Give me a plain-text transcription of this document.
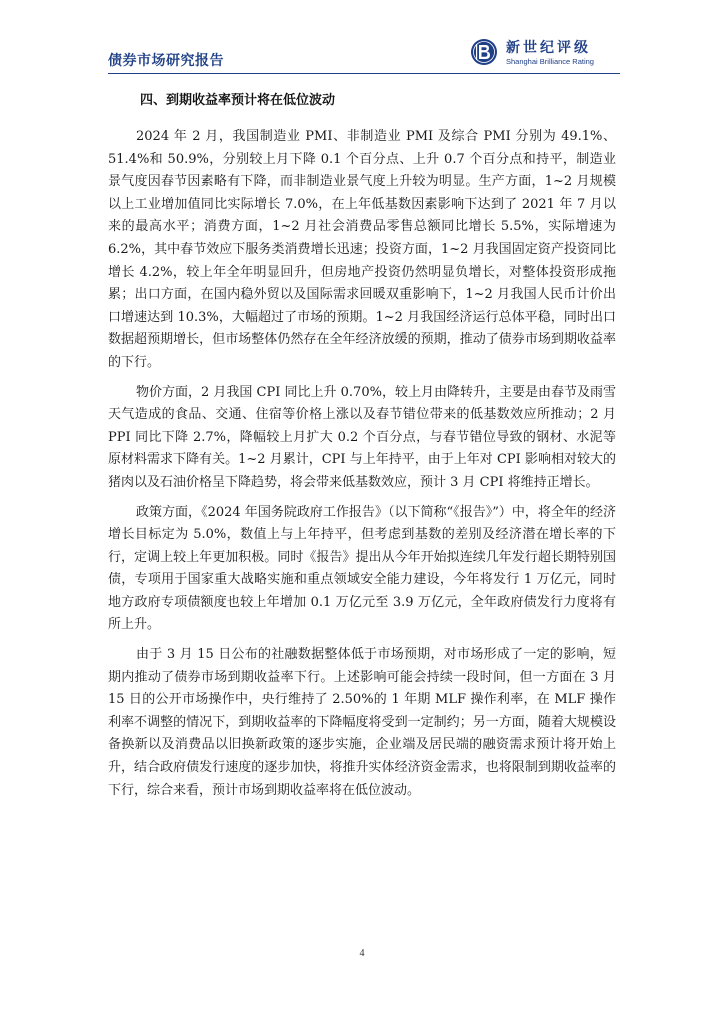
债券市场研究报告
新世纪评级
Shanghai Brilliance Rating
四、到期收益率预计将在低位波动

2024 年 2 月，我国制造业 PMI、非制造业 PMI 及综合 PMI 分别为 49.1%、51.4%和 50.9%，分别较上月下降 0.1 个百分点、上升 0.7 个百分点和持平，制造业景气度因春节因素略有下降，而非制造业景气度上升较为明显。生产方面，1~2 月规模以上工业增加值同比实际增长 7.0%，在上年低基数因素影响下达到了 2021 年 7 月以来的最高水平；消费方面，1~2 月社会消费品零售总额同比增长 5.5%，实际增速为 6.2%，其中春节效应下服务类消费增长迅速；投资方面，1~2 月我国固定资产投资同比增长 4.2%，较上年全年明显回升，但房地产投资仍然明显负增长，对整体投资形成拖累；出口方面，在国内稳外贸以及国际需求回暖双重影响下，1~2 月我国人民币计价出口增速达到 10.3%，大幅超过了市场的预期。1~2 月我国经济运行总体平稳，同时出口数据超预期增长，但市场整体仍然存在全年经济放缓的预期，推动了债券市场到期收益率的下行。

物价方面，2 月我国 CPI 同比上升 0.70%，较上月由降转升，主要是由春节及雨雪天气造成的食品、交通、住宿等价格上涨以及春节错位带来的低基数效应所推动；2 月 PPI 同比下降 2.7%，降幅较上月扩大 0.2 个百分点，与春节错位导致的钢材、水泥等原材料需求下降有关。1~2 月累计，CPI 与上年持平，由于上年对 CPI 影响相对较大的猪肉以及石油价格呈下降趋势，将会带来低基数效应，预计 3 月 CPI 将维持正增长。

政策方面，《2024 年国务院政府工作报告》（以下简称“《报告》”）中，将全年的经济增长目标定为 5.0%，数值上与上年持平，但考虑到基数的差别及经济潜在增长率的下行，定调上较上年更加积极。同时《报告》提出从今年开始拟连续几年发行超长期特别国债，专项用于国家重大战略实施和重点领域安全能力建设，今年将发行 1 万亿元，同时地方政府专项债额度也较上年增加 0.1 万亿元至 3.9 万亿元，全年政府债发行力度将有所上升。

由于 3 月 15 日公布的社融数据整体低于市场预期，对市场形成了一定的影响，短期内推动了债券市场到期收益率下行。上述影响可能会持续一段时间，但一方面在 3 月 15 日的公开市场操作中，央行维持了 2.50%的 1 年期 MLF 操作利率，在 MLF 操作利率不调整的情况下，到期收益率的下降幅度将受到一定制约；另一方面，随着大规模设备换新以及消费品以旧换新政策的逐步实施，企业端及居民端的融资需求预计将开始上升，结合政府债发行速度的逐步加快，将推升实体经济资金需求，也将限制到期收益率的下行，综合来看，预计市场到期收益率将在低位波动。

4
